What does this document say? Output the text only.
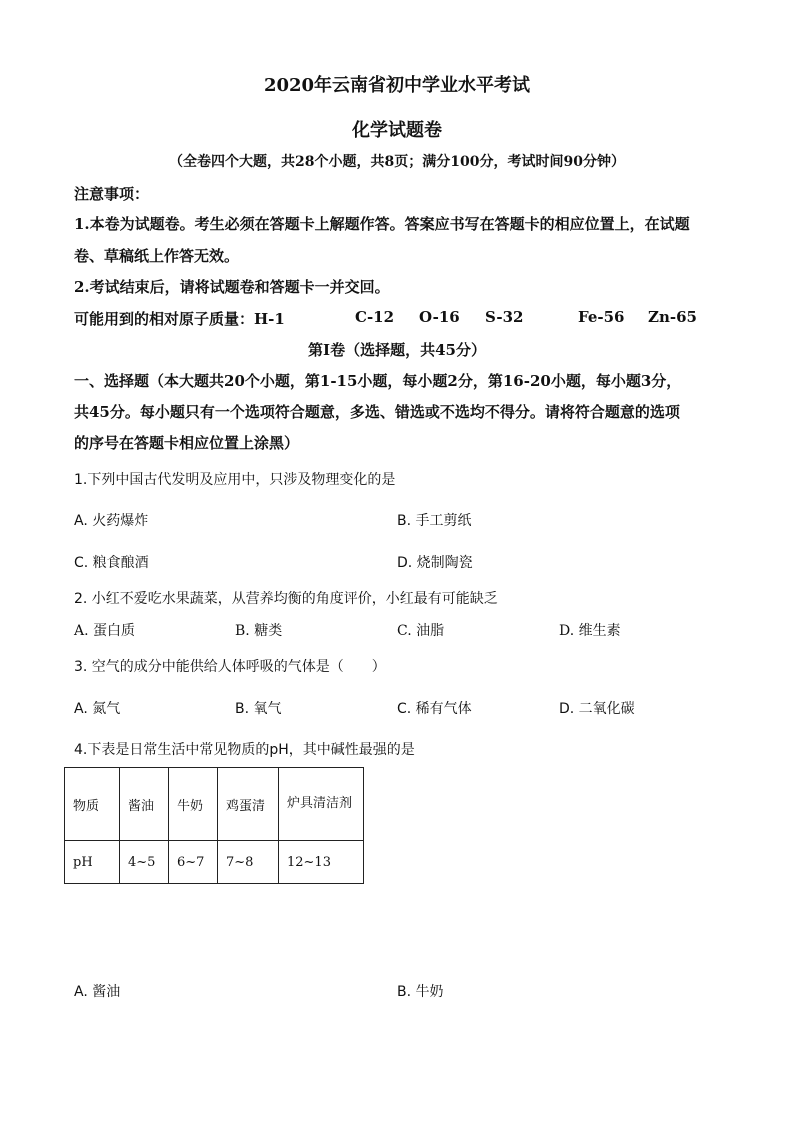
2020年云南省初中学业水平考试
化学试题卷
（全卷四个大题，共28个小题，共8页；满分100分，考试时间90分钟）
注意事项：
1.本卷为试题卷。考生必须在答题卡上解题作答。答案应书写在答题卡的相应位置上，在试题
卷、草稿纸上作答无效。
2.考试结束后，请将试题卷和答题卡一并交回。
可能用到的相对原子质量：H-1	C-12 O-16 S-32	Fe-56 Zn-65
第Ⅰ卷（选择题，共45分）
一、选择题（本大题共20个小题，第1-15小题，每小题2分，第16-20小题，每小题3分，
共45分。每小题只有一个选项符合题意，多选、错选或不选均不得分。请将符合题意的选项
的序号在答题卡相应位置上涂黑）
1.下列中国古代发明及应用中，只涉及物理变化的是
A. 火药爆炸	B. 手工剪纸
C. 粮食酿酒	D. 烧制陶瓷
2. 小红不爱吃水果蔬菜，从营养均衡的角度评价，小红最有可能缺乏
A. 蛋白质	B. 糖类	C. 油脂	D. 维生素
3. 空气的成分中能供给人体呼吸的气体是（　　）
A. 氮气	B. 氧气	C. 稀有气体	D. 二氧化碳
4.下表是日常生活中常见物质的pH，其中碱性最强的是
物质	酱油	牛奶	鸡蛋清	炉具清洁剂
pH	4~5	6~7	7~8	12~13
A. 酱油	B. 牛奶
